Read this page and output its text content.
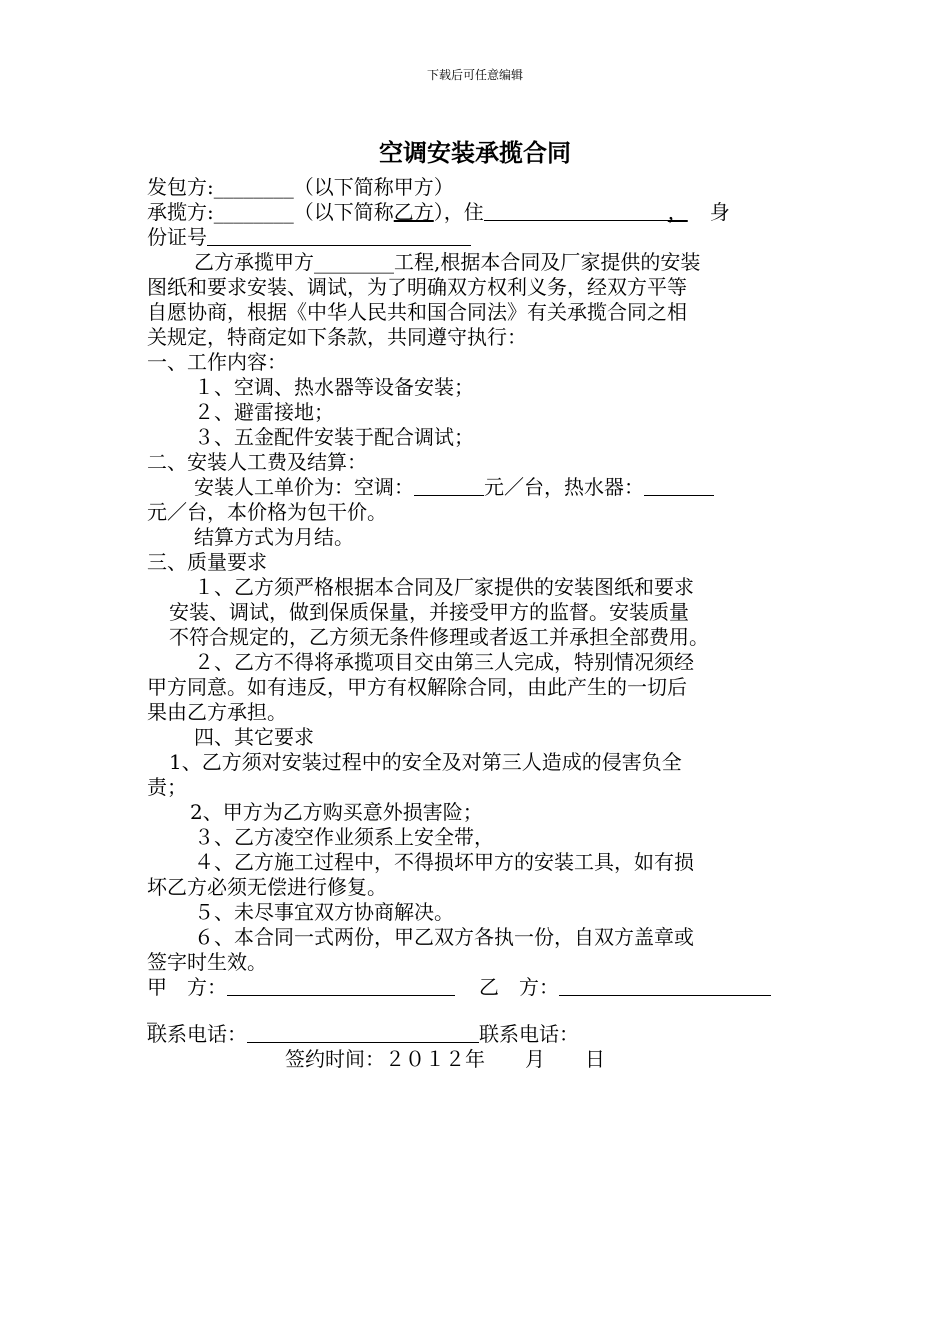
下载后可任意编辑
空调安装承揽合同
发包方:________（以下简称甲方）
承揽方:________（以下简称乙方），住	， 身
份证号
乙方承揽甲方________工程,根据本合同及厂家提供的安装
图纸和要求安装、调试，为了明确双方权利义务，经双方平等
自愿协商，根据《中华人民共和国合同法》有关承揽合同之相
关规定，特商定如下条款，共同遵守执行：
一、工作内容：
１、空调、热水器等设备安装；
２、避雷接地；
３、五金配件安装于配合调试；
二、安装人工费及结算：
安装人工单价为：空调：	元／台，热水器：
元／台，本价格为包干价。
结算方式为月结。
三、质量要求
１、乙方须严格根据本合同及厂家提供的安装图纸和要求
安装、调试，做到保质保量，并接受甲方的监督。安装质量
不符合规定的，乙方须无条件修理或者返工并承担全部费用。
２、乙方不得将承揽项目交由第三人完成，特别情况须经
甲方同意。如有违反，甲方有权解除合同，由此产生的一切后
果由乙方承担。
四、其它要求
1、乙方须对安装过程中的安全及对第三人造成的侵害负全
责；
2、甲方为乙方购买意外损害险；
３、乙方凌空作业须系上安全带，
４、乙方施工过程中，不得损坏甲方的安装工具，如有损
坏乙方必须无偿进行修复。
５、未尽事宜双方协商解决。
６、本合同一式两份，甲乙双方各执一份，自双方盖章或
签字时生效。
甲　方：	乙　方：
_
联系电话：	联系电话：
签约时间：２０１２年　　月　　日
